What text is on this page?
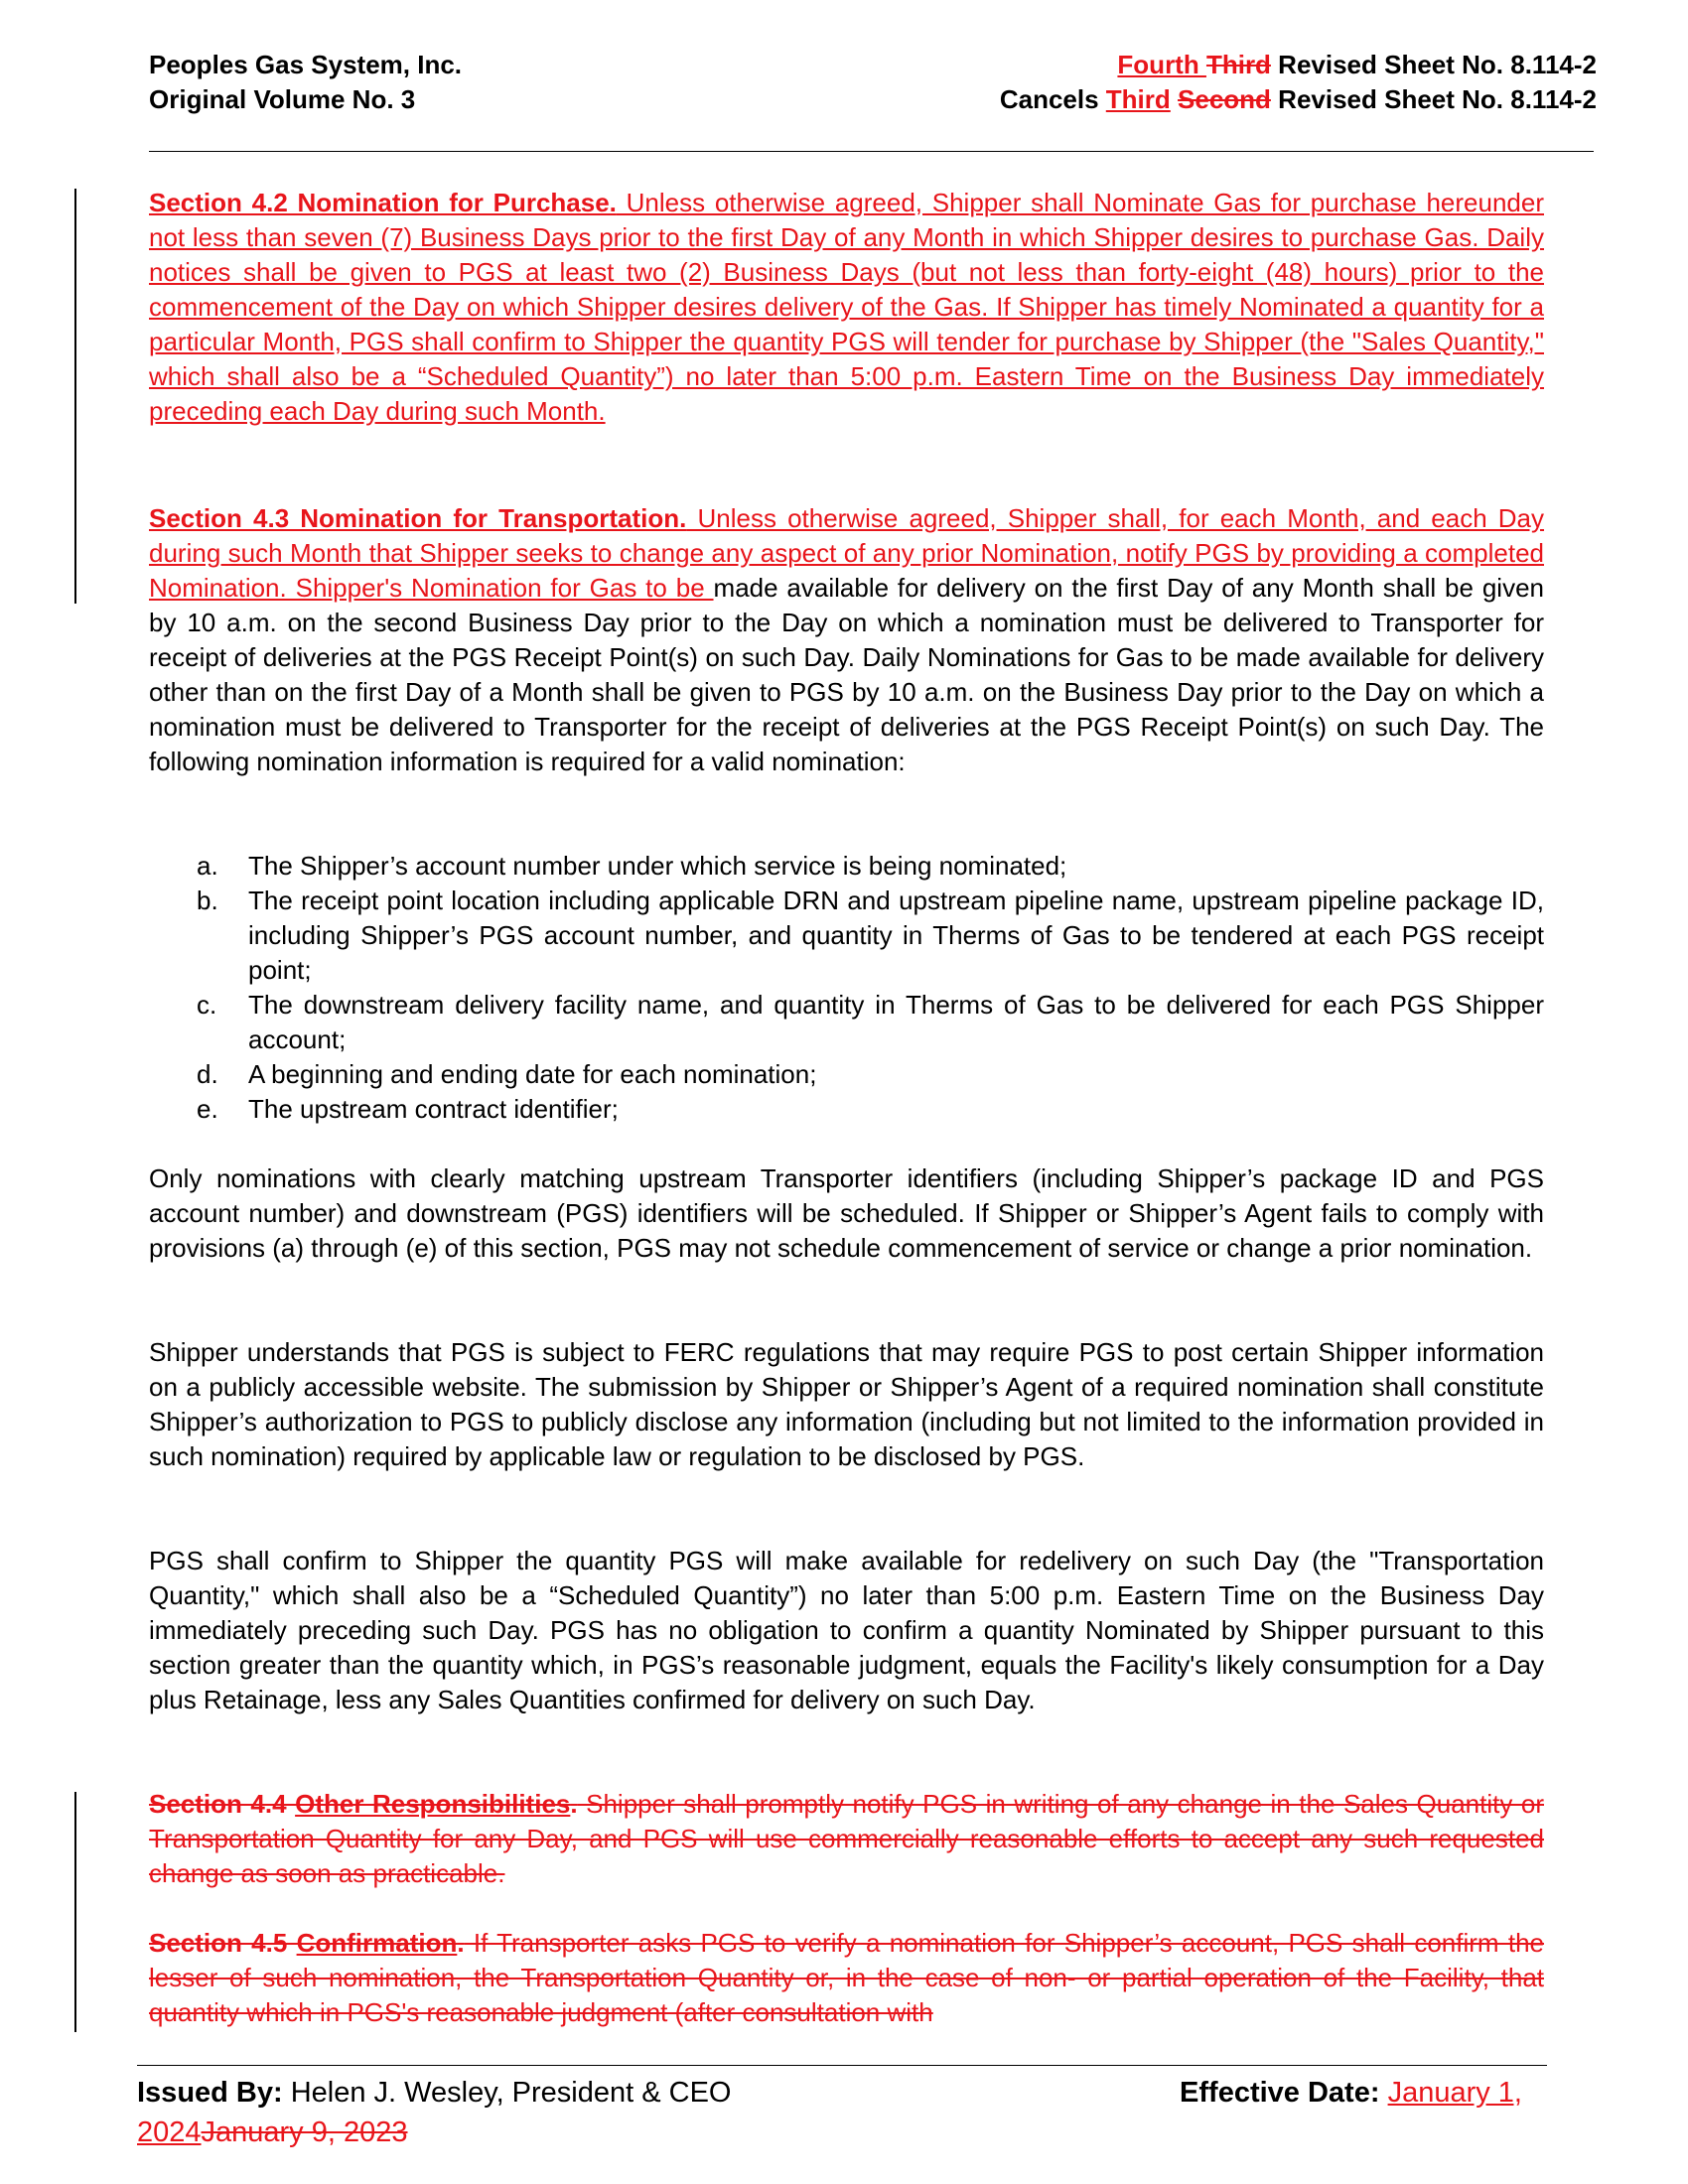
Peoples Gas System, Inc.
Original Volume No. 3
Fourth Third Revised Sheet No. 8.114-2
Cancels Third Second Revised Sheet No. 8.114-2
Section 4.2 Nomination for Purchase. Unless otherwise agreed, Shipper shall Nominate Gas for purchase hereunder not less than seven (7) Business Days prior to the first Day of any Month in which Shipper desires to purchase Gas. Daily notices shall be given to PGS at least two (2) Business Days (but not less than forty-eight (48) hours) prior to the commencement of the Day on which Shipper desires delivery of the Gas. If Shipper has timely Nominated a quantity for a particular Month, PGS shall confirm to Shipper the quantity PGS will tender for purchase by Shipper (the "Sales Quantity," which shall also be a “Scheduled Quantity”) no later than 5:00 p.m. Eastern Time on the Business Day immediately preceding each Day during such Month.
Section 4.3 Nomination for Transportation. Unless otherwise agreed, Shipper shall, for each Month, and each Day during such Month that Shipper seeks to change any aspect of any prior Nomination, notify PGS by providing a completed Nomination. Shipper's Nomination for Gas to be made available for delivery on the first Day of any Month shall be given by 10 a.m. on the second Business Day prior to the Day on which a nomination must be delivered to Transporter for receipt of deliveries at the PGS Receipt Point(s) on such Day. Daily Nominations for Gas to be made available for delivery other than on the first Day of a Month shall be given to PGS by 10 a.m. on the Business Day prior to the Day on which a nomination must be delivered to Transporter for the receipt of deliveries at the PGS Receipt Point(s) on such Day. The following nomination information is required for a valid nomination:
a.	The Shipper’s account number under which service is being nominated;
b.	The receipt point location including applicable DRN and upstream pipeline name, upstream pipeline package ID, including Shipper’s PGS account number, and quantity in Therms of Gas to be tendered at each PGS receipt point;
c.	The downstream delivery facility name, and quantity in Therms of Gas to be delivered for each PGS Shipper account;
d.	A beginning and ending date for each nomination;
e.	The upstream contract identifier;
Only nominations with clearly matching upstream Transporter identifiers (including Shipper’s package ID and PGS account number) and downstream (PGS) identifiers will be scheduled. If Shipper or Shipper’s Agent fails to comply with provisions (a) through (e) of this section, PGS may not schedule commencement of service or change a prior nomination.
Shipper understands that PGS is subject to FERC regulations that may require PGS to post certain Shipper information on a publicly accessible website. The submission by Shipper or Shipper’s Agent of a required nomination shall constitute Shipper’s authorization to PGS to publicly disclose any information (including but not limited to the information provided in such nomination) required by applicable law or regulation to be disclosed by PGS.
PGS shall confirm to Shipper the quantity PGS will make available for redelivery on such Day (the "Transportation Quantity," which shall also be a “Scheduled Quantity”) no later than 5:00 p.m. Eastern Time on the Business Day immediately preceding such Day. PGS has no obligation to confirm a quantity Nominated by Shipper pursuant to this section greater than the quantity which, in PGS’s reasonable judgment, equals the Facility's likely consumption for a Day plus Retainage, less any Sales Quantities confirmed for delivery on such Day.
Section 4.4 Other Responsibilities. Shipper shall promptly notify PGS in writing of any change in the Sales Quantity or Transportation Quantity for any Day, and PGS will use commercially reasonable efforts to accept any such requested change as soon as practicable.
Section 4.5 Confirmation. If Transporter asks PGS to verify a nomination for Shipper’s account, PGS shall confirm the lesser of such nomination, the Transportation Quantity or, in the case of non- or partial operation of the Facility, that quantity which in PGS's reasonable judgment (after consultation with
Issued By: Helen J. Wesley, President & CEO	Effective Date: January 1,
2024January 9, 2023
